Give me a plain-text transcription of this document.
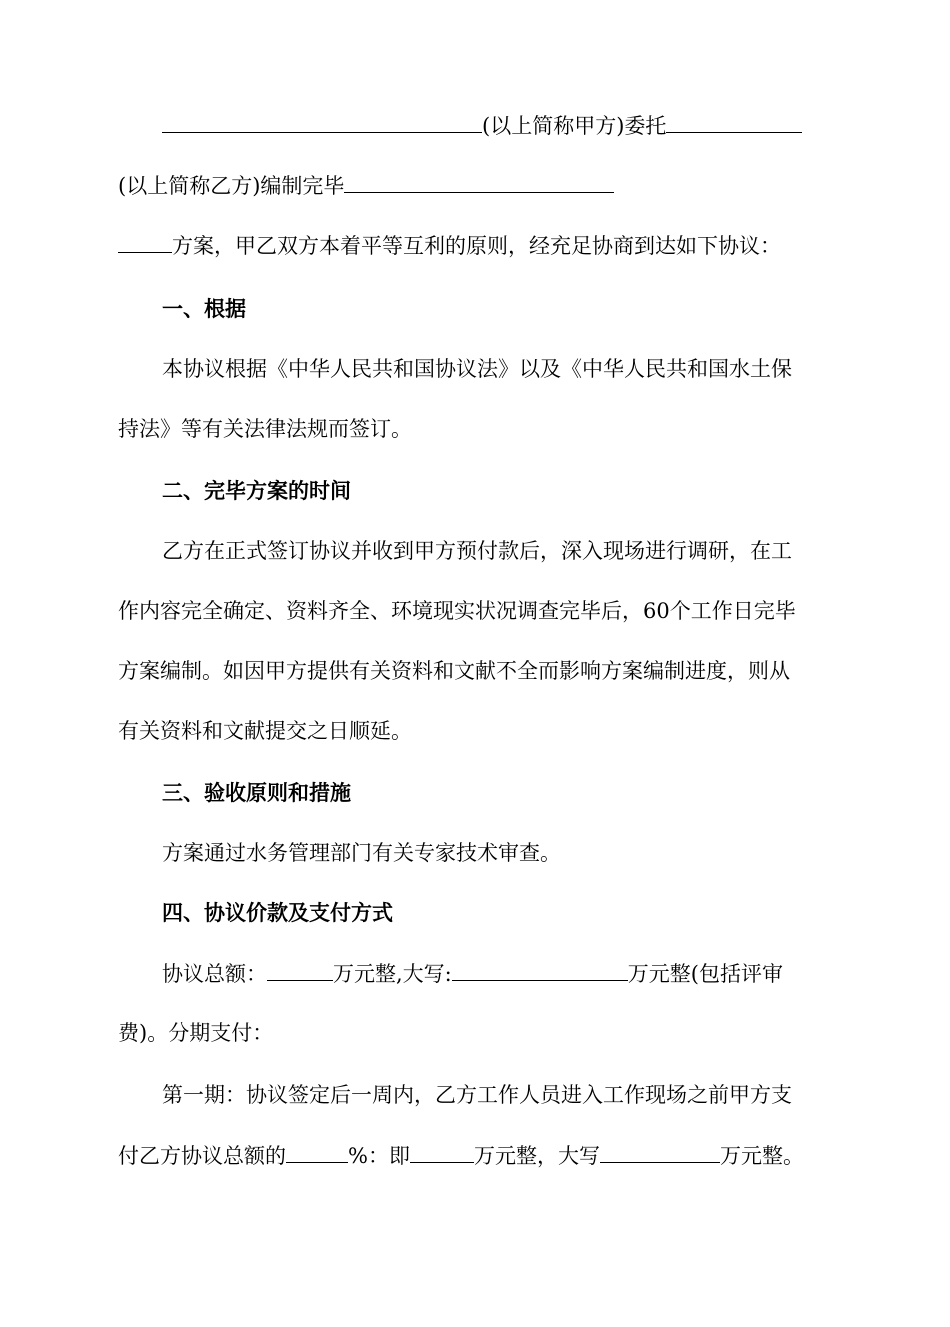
(以上简称甲方)委托
(以上简称乙方)编制完毕
方案，甲乙双方本着平等互利的原则，经充足协商到达如下协议：
一、根据
本协议根据《中华人民共和国协议法》以及《中华人民共和国水土保
持法》等有关法律法规而签订。
二、完毕方案的时间
乙方在正式签订协议并收到甲方预付款后，深入现场进行调研，在工
作内容完全确定、资料齐全、环境现实状况调查完毕后，60个工作日完毕
方案编制。如因甲方提供有关资料和文献不全而影响方案编制进度，则从
有关资料和文献提交之日顺延。
三、验收原则和措施
方案通过水务管理部门有关专家技术审查。
四、协议价款及支付方式
协议总额：	万元整,大写:	万元整(包括评审
费)。分期支付：
第一期：协议签定后一周内，乙方工作人员进入工作现场之前甲方支
付乙方协议总额的	%：即	万元整，大写	万元整。
